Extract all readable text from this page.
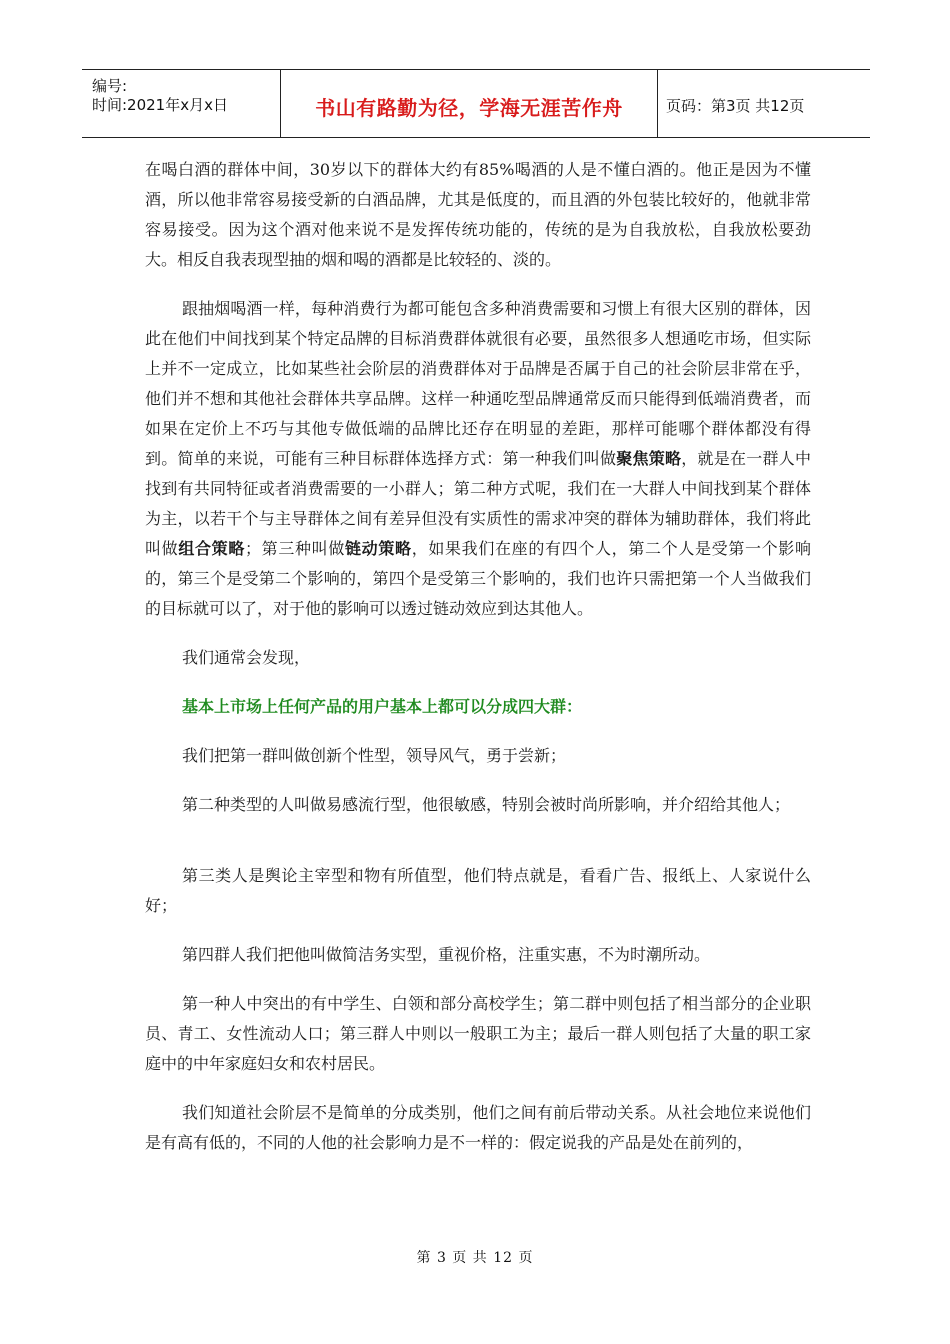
编号:
时间:2021年x月x日	书山有路勤为径，学海无涯苦作舟	页码：第3页 共12页

在喝白酒的群体中间，30岁以下的群体大约有85%喝酒的人是不懂白酒的。他正是因为不懂酒，所以他非常容易接受新的白酒品牌，尤其是低度的，而且酒的外包装比较好的，他就非常容易接受。因为这个酒对他来说不是发挥传统功能的，传统的是为自我放松，自我放松要劲大。相反自我表现型抽的烟和喝的酒都是比较轻的、淡的。

跟抽烟喝酒一样，每种消费行为都可能包含多种消费需要和习惯上有很大区别的群体，因此在他们中间找到某个特定品牌的目标消费群体就很有必要，虽然很多人想通吃市场，但实际上并不一定成立，比如某些社会阶层的消费群体对于品牌是否属于自己的社会阶层非常在乎，他们并不想和其他社会群体共享品牌。这样一种通吃型品牌通常反而只能得到低端消费者，而如果在定价上不巧与其他专做低端的品牌比还存在明显的差距，那样可能哪个群体都没有得到。简单的来说，可能有三种目标群体选择方式：第一种我们叫做聚焦策略，就是在一群人中找到有共同特征或者消费需要的一小群人；第二种方式呢，我们在一大群人中间找到某个群体为主，以若干个与主导群体之间有差异但没有实质性的需求冲突的群体为辅助群体，我们将此叫做组合策略；第三种叫做链动策略，如果我们在座的有四个人，第二个人是受第一个影响的，第三个是受第二个影响的，第四个是受第三个影响的，我们也许只需把第一个人当做我们的目标就可以了，对于他的影响可以透过链动效应到达其他人。

我们通常会发现，

基本上市场上任何产品的用户基本上都可以分成四大群：

我们把第一群叫做创新个性型，领导风气，勇于尝新；

第二种类型的人叫做易感流行型，他很敏感，特别会被时尚所影响，并介绍给其他人；

第三类人是舆论主宰型和物有所值型，他们特点就是，看看广告、报纸上、人家说什么好；

第四群人我们把他叫做简洁务实型，重视价格，注重实惠，不为时潮所动。

第一种人中突出的有中学生、白领和部分高校学生；第二群中则包括了相当部分的企业职员、青工、女性流动人口；第三群人中则以一般职工为主；最后一群人则包括了大量的职工家庭中的中年家庭妇女和农村居民。

我们知道社会阶层不是简单的分成类别，他们之间有前后带动关系。从社会地位来说他们是有高有低的，不同的人他的社会影响力是不一样的：假定说我的产品是处在前列的，

第 3 页 共 12 页
